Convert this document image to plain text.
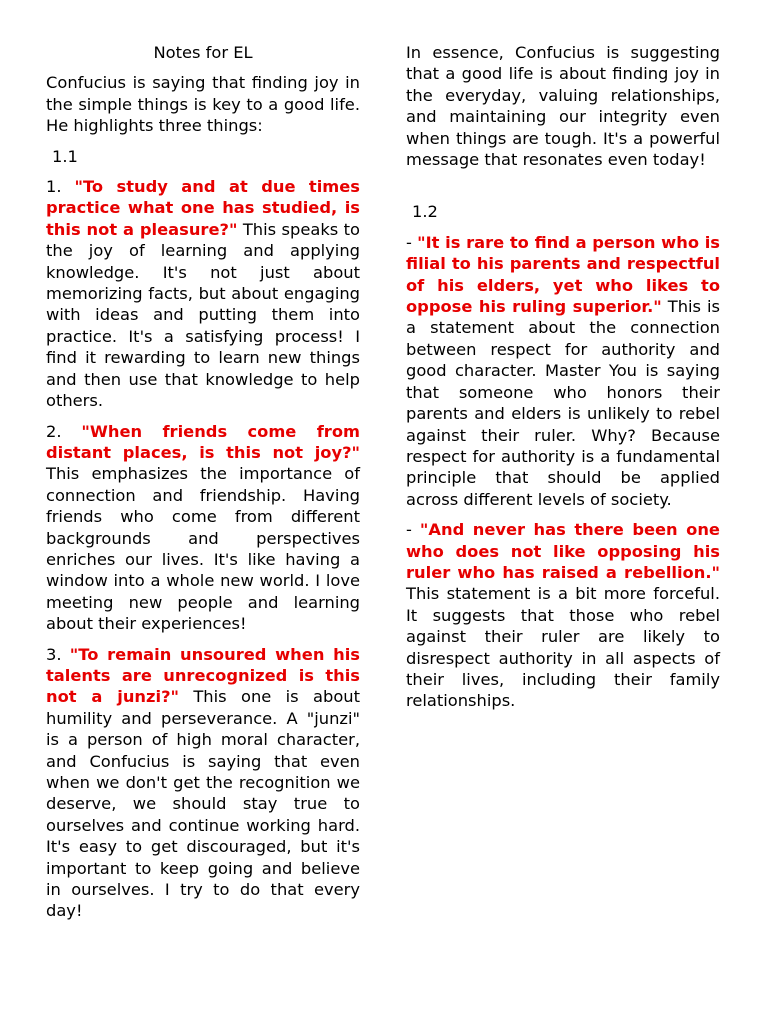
Notes for EL

Confucius is saying that finding joy in the simple things is key to a good life. He highlights three things:

1.1

1. "To study and at due times practice what one has studied, is this not a pleasure?" This speaks to the joy of learning and applying knowledge. It's not just about memorizing facts, but about engaging with ideas and putting them into practice. It's a satisfying process! I find it rewarding to learn new things and then use that knowledge to help others.

2. "When friends come from distant places, is this not joy?" This emphasizes the importance of connection and friendship. Having friends who come from different backgrounds and perspectives enriches our lives. It's like having a window into a whole new world. I love meeting new people and learning about their experiences!

3. "To remain unsoured when his talents are unrecognized is this not a junzi?" This one is about humility and perseverance. A "junzi" is a person of high moral character, and Confucius is saying that even when we don't get the recognition we deserve, we should stay true to ourselves and continue working hard. It's easy to get discouraged, but it's important to keep going and believe in ourselves. I try to do that every day!

In essence, Confucius is suggesting that a good life is about finding joy in the everyday, valuing relationships, and maintaining our integrity even when things are tough. It's a powerful message that resonates even today!

1.2

- "It is rare to find a person who is filial to his parents and respectful of his elders, yet who likes to oppose his ruling superior." This is a statement about the connection between respect for authority and good character. Master You is saying that someone who honors their parents and elders is unlikely to rebel against their ruler. Why? Because respect for authority is a fundamental principle that should be applied across different levels of society.

- "And never has there been one who does not like opposing his ruler who has raised a rebellion." This statement is a bit more forceful. It suggests that those who rebel against their ruler are likely to disrespect authority in all aspects of their lives, including their family relationships.
